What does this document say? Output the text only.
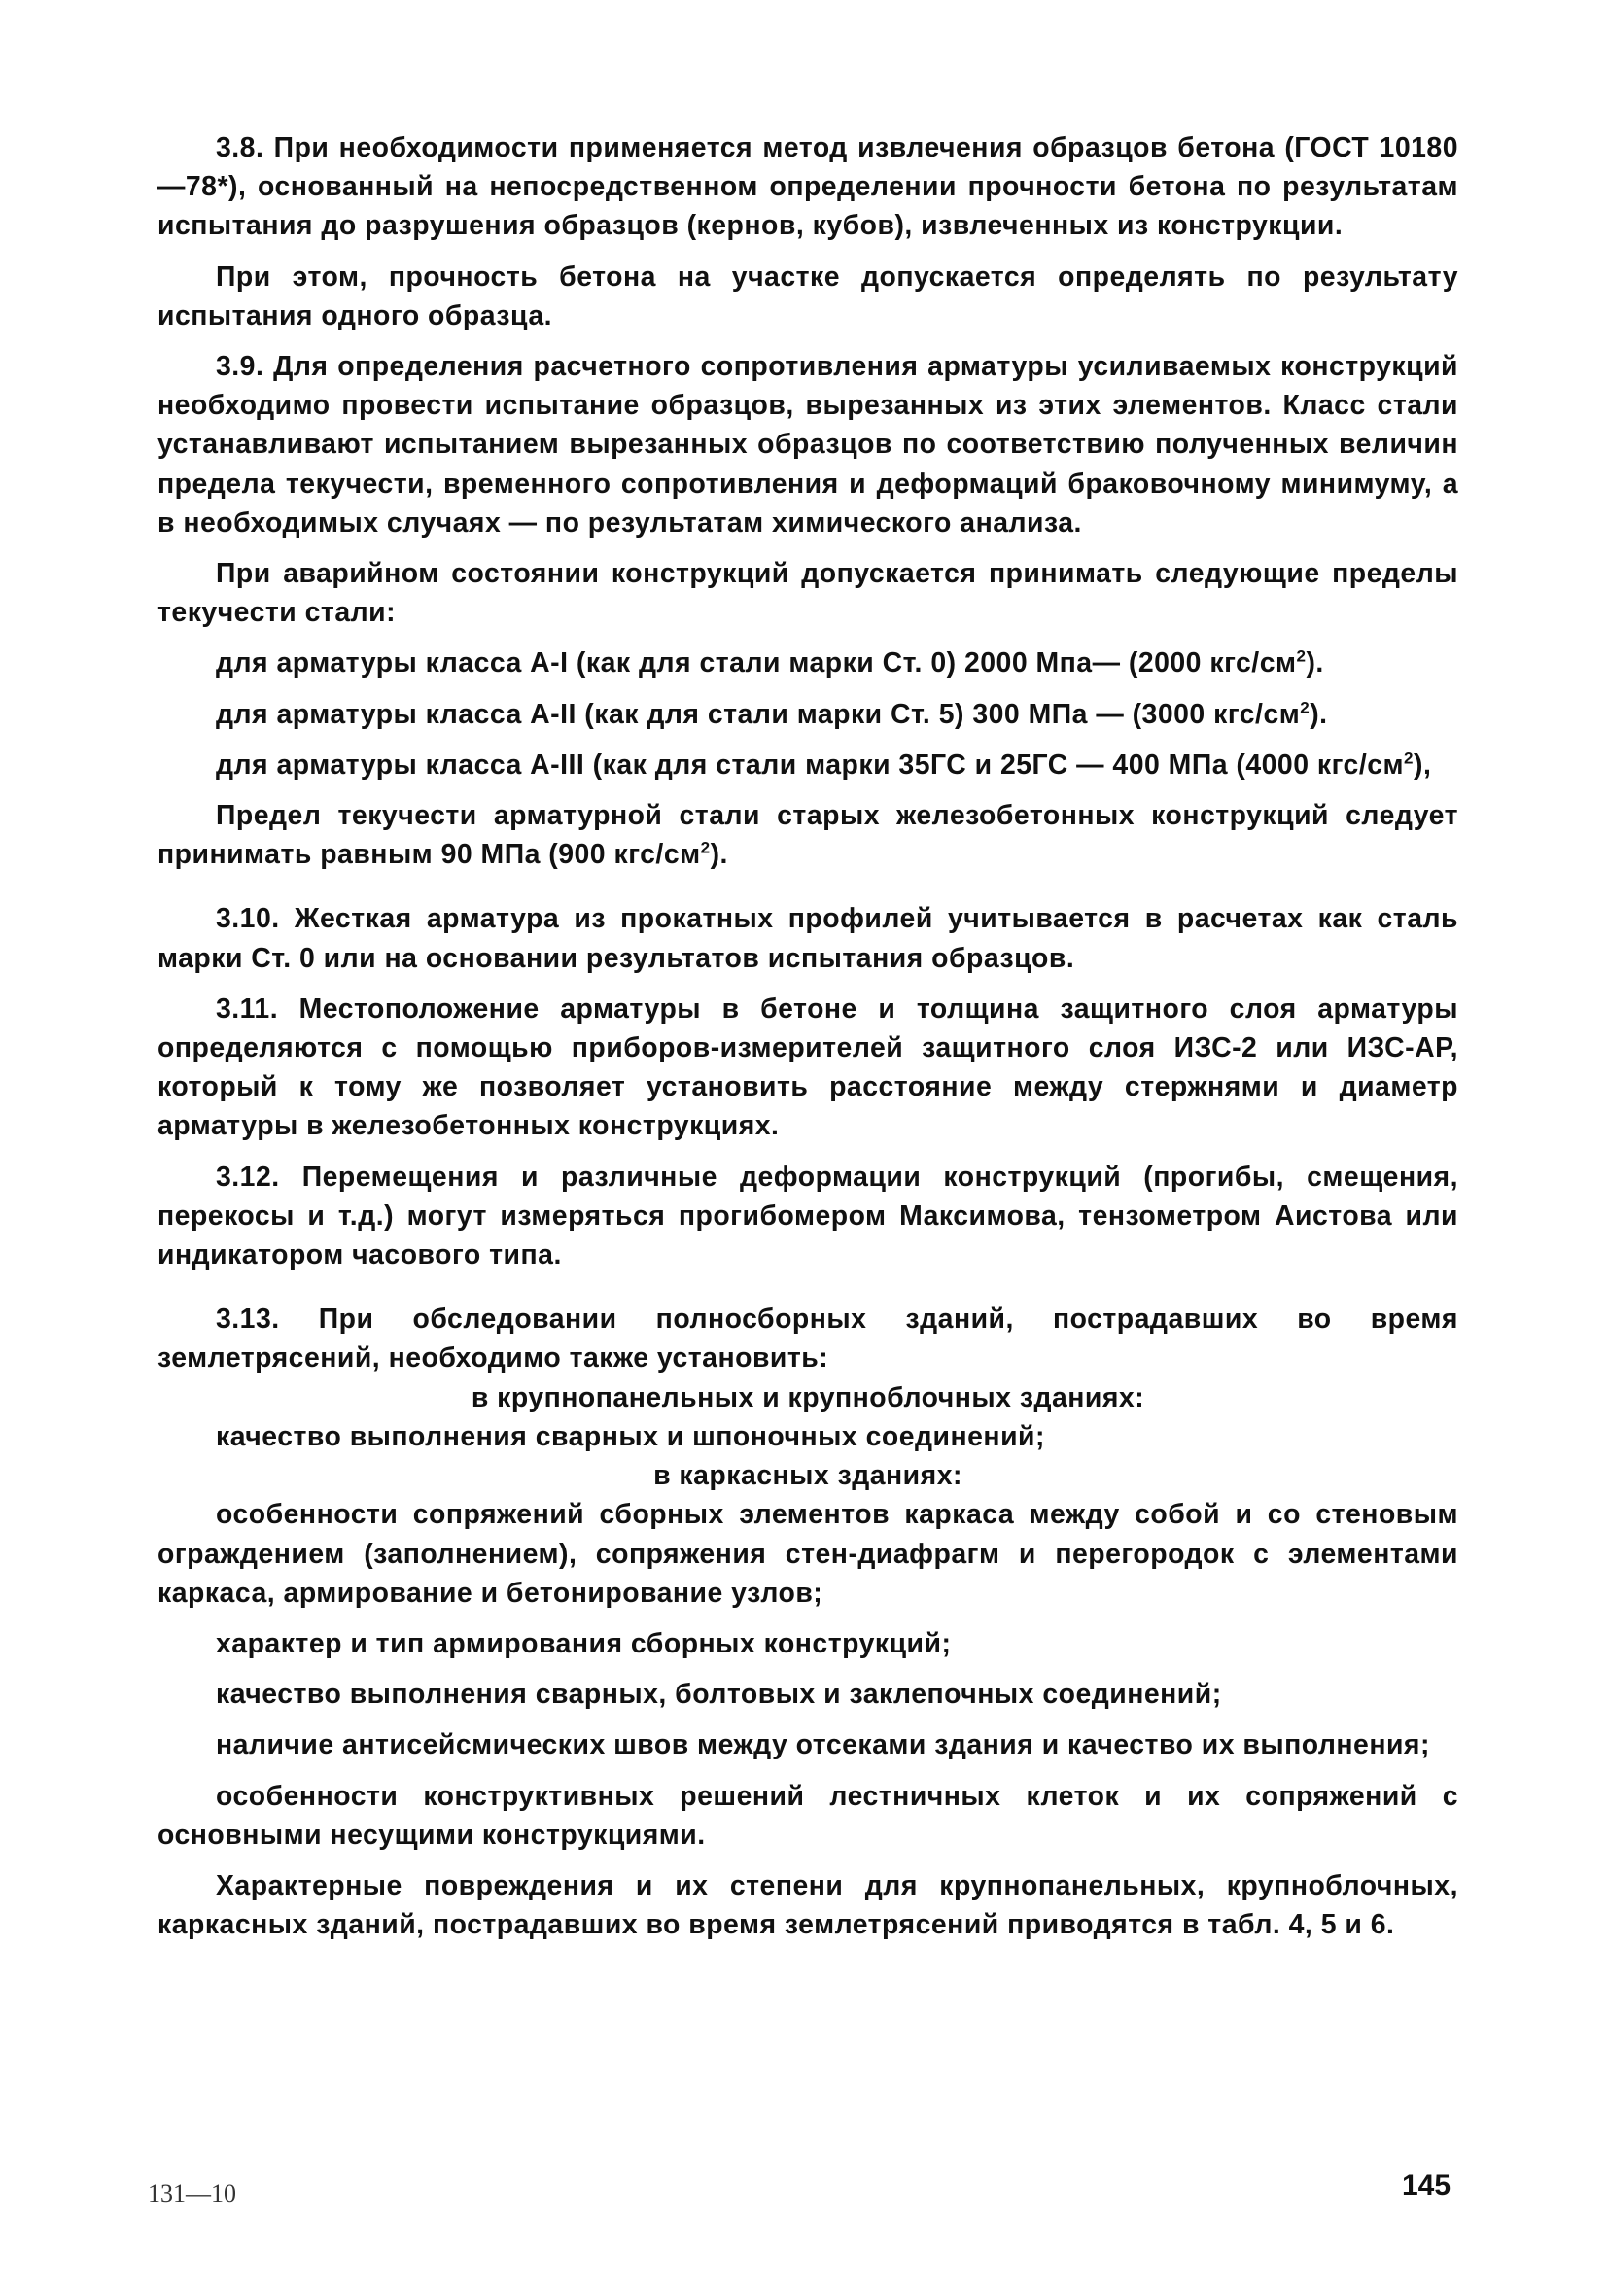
3.8. При необходимости применяется метод извлечения образцов бетона (ГОСТ 10180—78*), основанный на непосредственном определении прочности бетона по результатам испытания до разрушения образцов (кернов, кубов), извлеченных из конструкции.

При этом, прочность бетона на участке допускается определять по результату испытания одного образца.

3.9. Для определения расчетного сопротивления арматуры усиливаемых конструкций необходимо провести испытание образцов, вырезанных из этих элементов. Класс стали устанавливают испытанием вырезанных образцов по соответствию полученных величин предела текучести, временного сопротивления и деформаций браковочному минимуму, а в необходимых случаях — по результатам химического анализа.

При аварийном состоянии конструкций допускается принимать следующие пределы текучести стали:

для арматуры класса А-I (как для стали марки Ст. 0) 2000 Мпа— (2000 кгс/$см^2$).

для арматуры класса А-II (как для стали марки Ст. 5) 300 МПа — (3000 кгс/$см^2$).

для арматуры класса А-III (как для стали марки 35ГС и 25ГС — 400 МПа (4000 кгс/$см^2$),

Предел текучести арматурной стали старых железобетонных конструкций следует принимать равным 90 МПа (900 кгс/$см^2$).

3.10. Жесткая арматура из прокатных профилей учитывается в расчетах как сталь марки Ст. 0 или на основании результатов испытания образцов.

3.11. Местоположение арматуры в бетоне и толщина защитного слоя арматуры определяются с помощью приборов-измерителей защитного слоя ИЗС-2 или ИЗС-АР, который к тому же позволяет установить расстояние между стержнями и диаметр арматуры в железобетонных конструкциях.

3.12. Перемещения и различные деформации конструкций (прогибы, смещения, перекосы и т.д.) могут измеряться прогибомером Максимова, тензометром Аистова или индикатором часового типа.

3.13. При обследовании полносборных зданий, пострадавших во время землетрясений, необходимо также установить:

в крупнопанельных и крупноблочных зданиях:

качество выполнения сварных и шпоночных соединений;

в каркасных зданиях:

особенности сопряжений сборных элементов каркаса между собой и со стеновым ограждением (заполнением), сопряжения стен-диафрагм и перегородок с элементами каркаса, армирование и бетонирование узлов;

характер и тип армирования сборных конструкций;

качество выполнения сварных, болтовых и заклепочных соединений;

наличие антисейсмических швов между отсеками здания и качество их выполнения;

особенности конструктивных решений лестничных клеток и их сопряжений с основными несущими конструкциями.

Характерные повреждения и их степени для крупнопанельных, крупноблочных, каркасных зданий, пострадавших во время землетрясений приводятся в табл. 4, 5 и 6.

131—10	145
